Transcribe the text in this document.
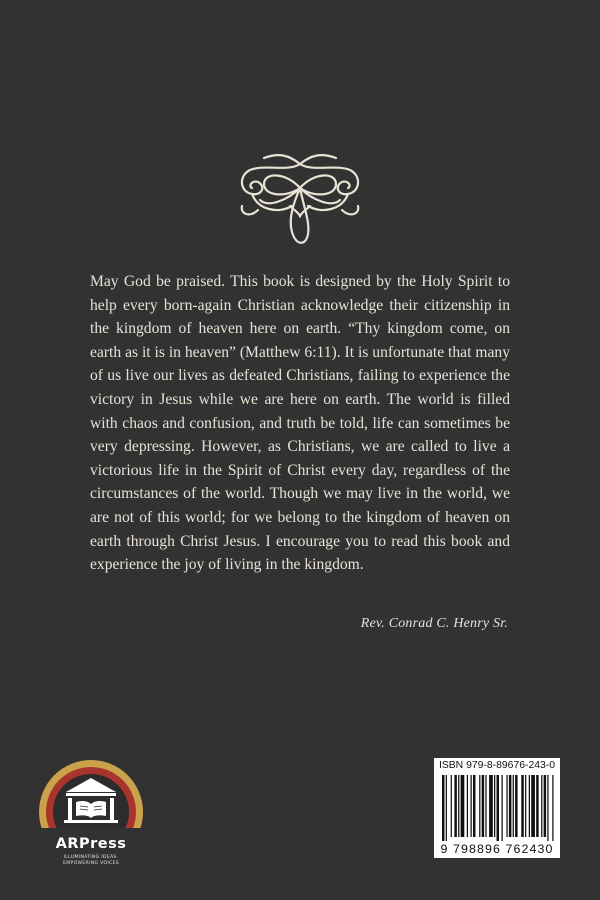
May God be praised. This book is designed by the Holy Spirit to help every born-again Christian acknowledge their citizenship in the kingdom of heaven here on earth. “Thy kingdom come, on earth as it is in heaven” (Matthew 6:11). It is unfortunate that many of us live our lives as defeated Christians, failing to experience the victory in Jesus while we are here on earth. The world is filled with chaos and confusion, and truth be told, life can sometimes be very depressing. However, as Christians, we are called to live a victorious life in the Spirit of Christ every day, regardless of the circumstances of the world. Though we may live in the world, we are not of this world; for we belong to the kingdom of heaven on earth through Christ Jesus. I encourage you to read this book and experience the joy of living in the kingdom.

Rev. Conrad C. Henry Sr.

ARPress
ILLUMINATING IDEAS.
EMPOWERING VOICES
ISBN 979-8-89676-243-0
9 798896 762430
